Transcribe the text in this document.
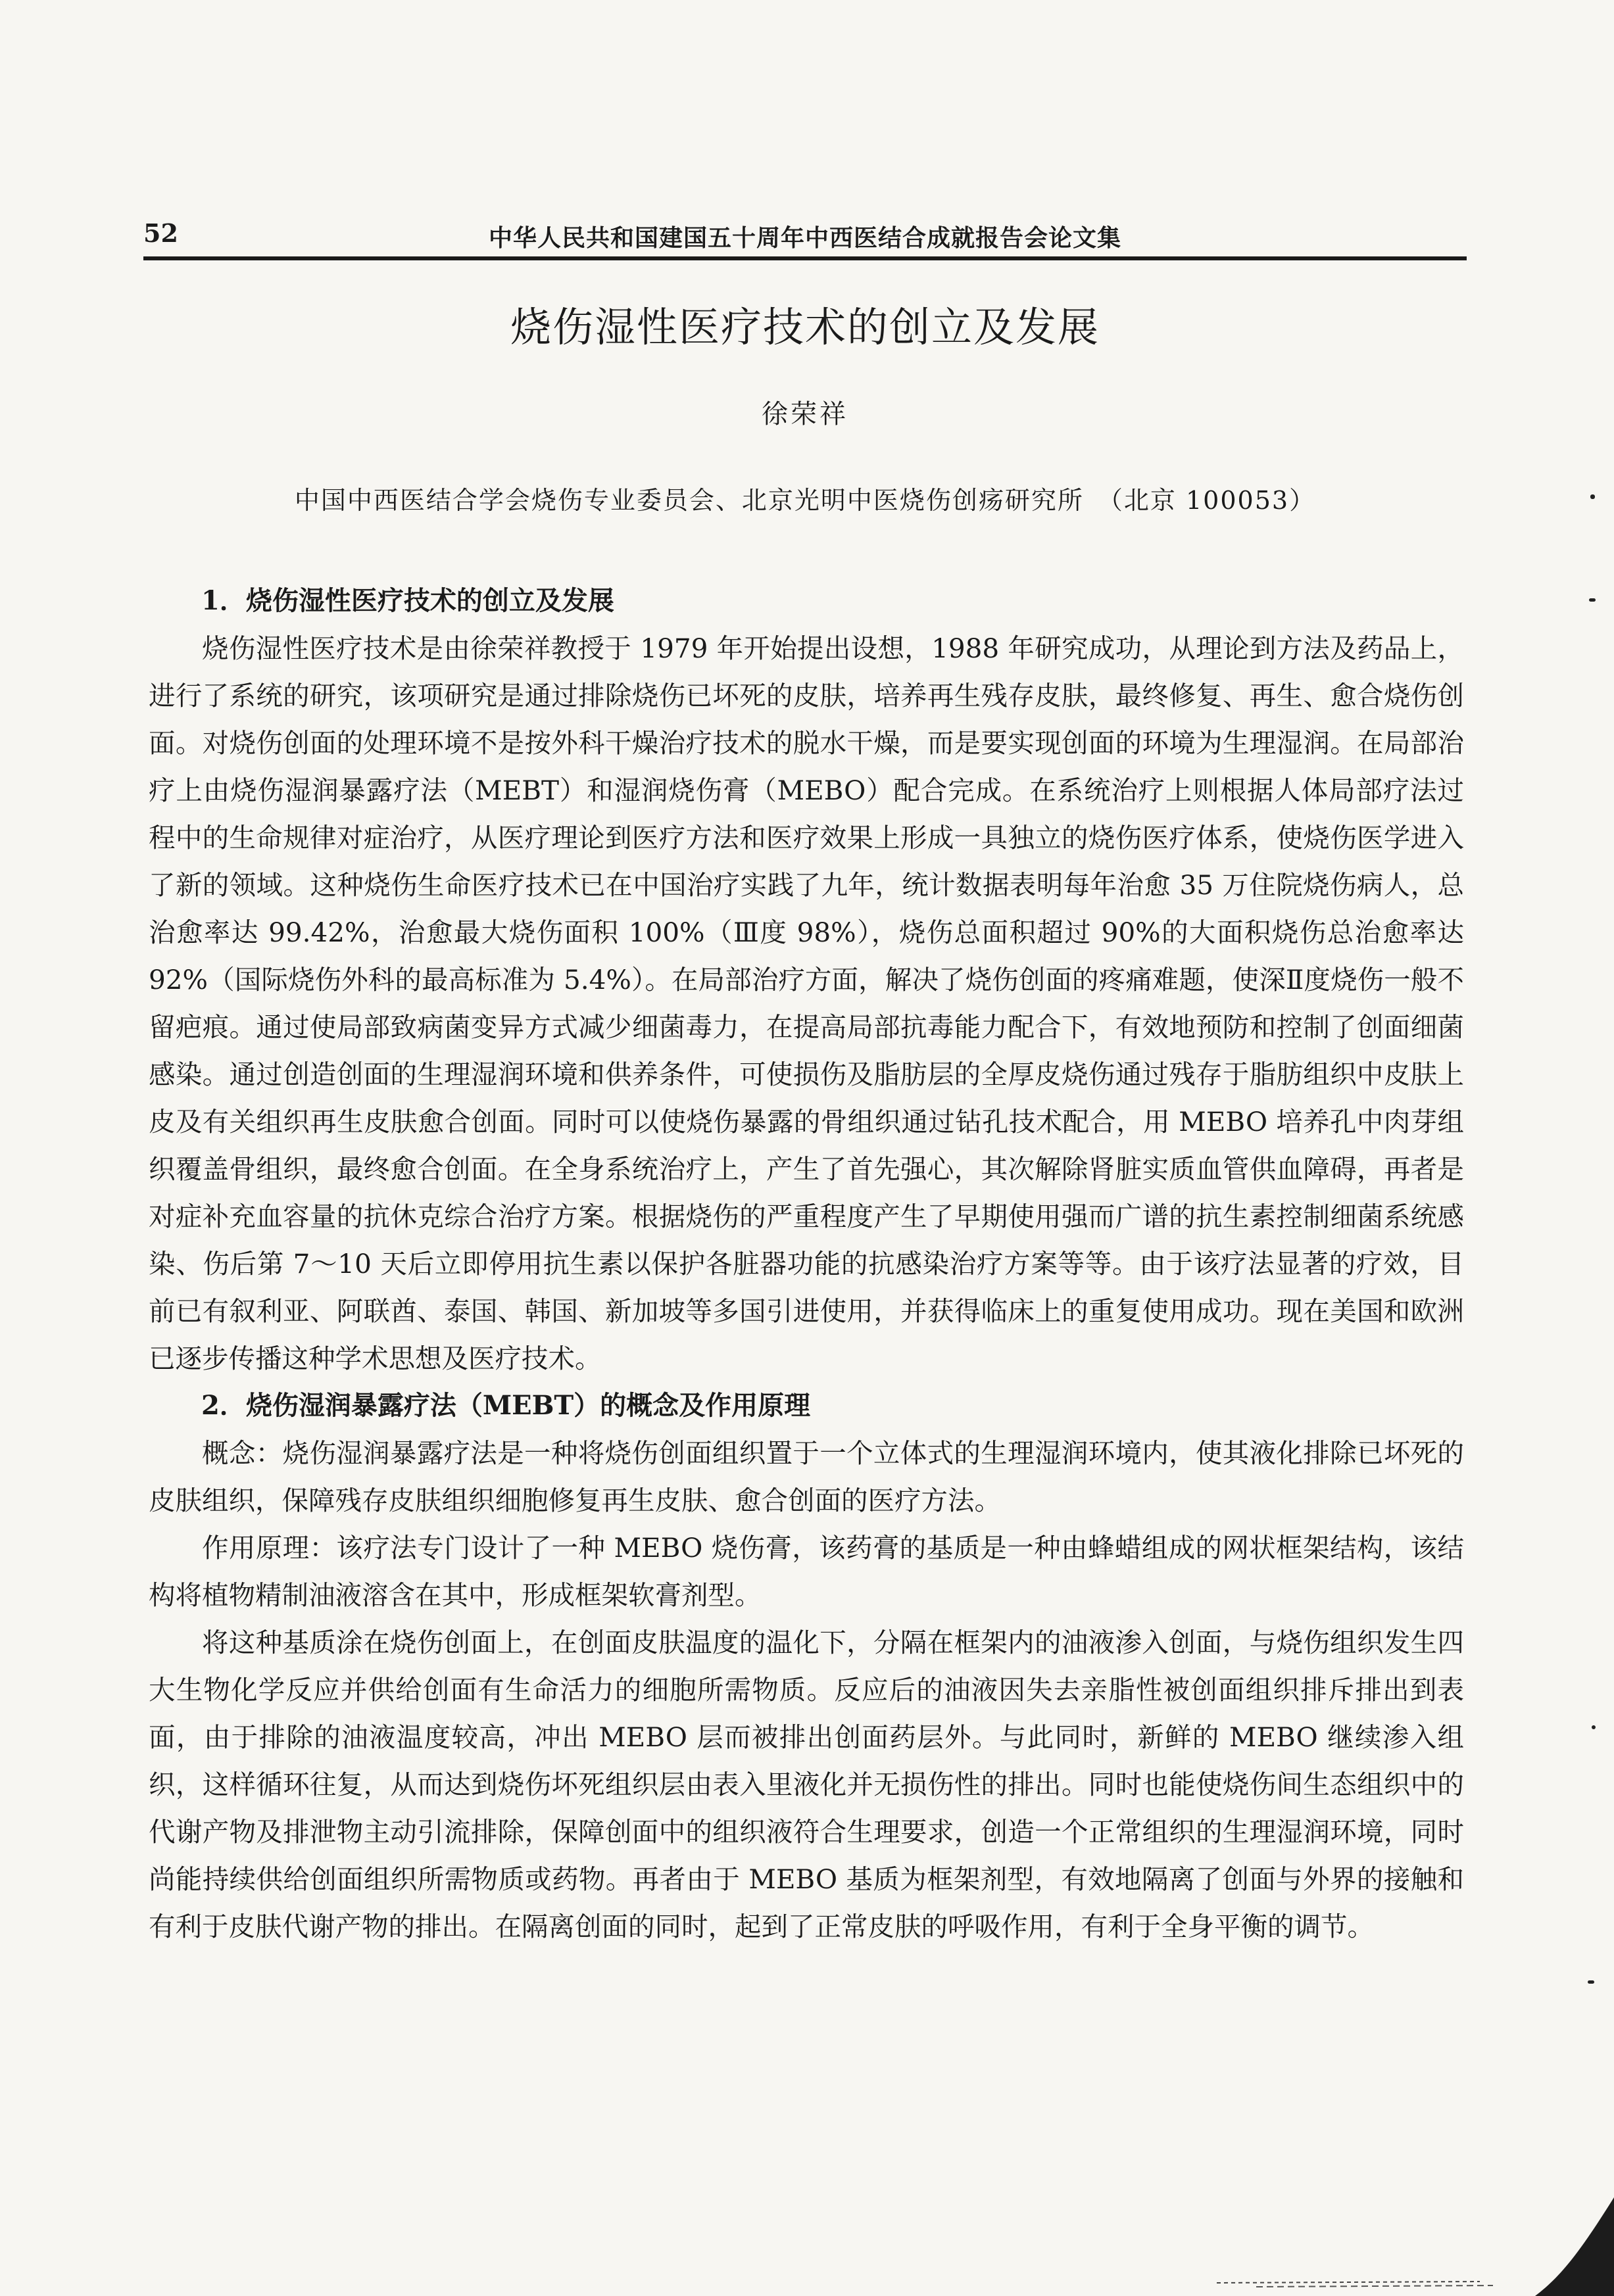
52	中华人民共和国建国五十周年中西医结合成就报告会论文集
烧伤湿性医疗技术的创立及发展
徐荣祥
中国中西医结合学会烧伤专业委员会、北京光明中医烧伤创疡研究所　（北京 100053）
1．烧伤湿性医疗技术的创立及发展

烧伤湿性医疗技术是由徐荣祥教授于 1979 年开始提出设想，1988 年研究成功，从理论到方法及药品上，进行了系统的研究，该项研究是通过排除烧伤已坏死的皮肤，培养再生残存皮肤，最终修复、再生、愈合烧伤创面。对烧伤创面的处理环境不是按外科干燥治疗技术的脱水干燥，而是要实现创面的环境为生理湿润。在局部治疗上由烧伤湿润暴露疗法（MEBT）和湿润烧伤膏（MEBO）配合完成。在系统治疗上则根据人体局部疗法过程中的生命规律对症治疗，从医疗理论到医疗方法和医疗效果上形成一具独立的烧伤医疗体系，使烧伤医学进入了新的领域。这种烧伤生命医疗技术已在中国治疗实践了九年，统计数据表明每年治愈 35 万住院烧伤病人，总治愈率达 99.42%，治愈最大烧伤面积 100%（Ⅲ度 98%），烧伤总面积超过 90%的大面积烧伤总治愈率达 92%（国际烧伤外科的最高标准为 5.4%）。在局部治疗方面，解决了烧伤创面的疼痛难题，使深Ⅱ度烧伤一般不留疤痕。通过使局部致病菌变异方式减少细菌毒力，在提高局部抗毒能力配合下，有效地预防和控制了创面细菌感染。通过创造创面的生理湿润环境和供养条件，可使损伤及脂肪层的全厚皮烧伤通过残存于脂肪组织中皮肤上皮及有关组织再生皮肤愈合创面。同时可以使烧伤暴露的骨组织通过钻孔技术配合，用 MEBO 培养孔中肉芽组织覆盖骨组织，最终愈合创面。在全身系统治疗上，产生了首先强心，其次解除肾脏实质血管供血障碍，再者是对症补充血容量的抗休克综合治疗方案。根据烧伤的严重程度产生了早期使用强而广谱的抗生素控制细菌系统感染、伤后第 7～10 天后立即停用抗生素以保护各脏器功能的抗感染治疗方案等等。由于该疗法显著的疗效，目前已有叙利亚、阿联酋、泰国、韩国、新加坡等多国引进使用，并获得临床上的重复使用成功。现在美国和欧洲已逐步传播这种学术思想及医疗技术。

2．烧伤湿润暴露疗法（MEBT）的概念及作用原理

概念：烧伤湿润暴露疗法是一种将烧伤创面组织置于一个立体式的生理湿润环境内，使其液化排除已坏死的皮肤组织，保障残存皮肤组织细胞修复再生皮肤、愈合创面的医疗方法。

作用原理：该疗法专门设计了一种 MEBO 烧伤膏，该药膏的基质是一种由蜂蜡组成的网状框架结构，该结构将植物精制油液溶含在其中，形成框架软膏剂型。

将这种基质涂在烧伤创面上，在创面皮肤温度的温化下，分隔在框架内的油液渗入创面，与烧伤组织发生四大生物化学反应并供给创面有生命活力的细胞所需物质。反应后的油液因失去亲脂性被创面组织排斥排出到表面，由于排除的油液温度较高，冲出 MEBO 层而被排出创面药层外。与此同时，新鲜的 MEBO 继续渗入组织，这样循环往复，从而达到烧伤坏死组织层由表入里液化并无损伤性的排出。同时也能使烧伤间生态组织中的代谢产物及排泄物主动引流排除，保障创面中的组织液符合生理要求，创造一个正常组织的生理湿润环境，同时尚能持续供给创面组织所需物质或药物。再者由于 MEBO 基质为框架剂型，有效地隔离了创面与外界的接触和有利于皮肤代谢产物的排出。在隔离创面的同时，起到了正常皮肤的呼吸作用，有利于全身平衡的调节。
